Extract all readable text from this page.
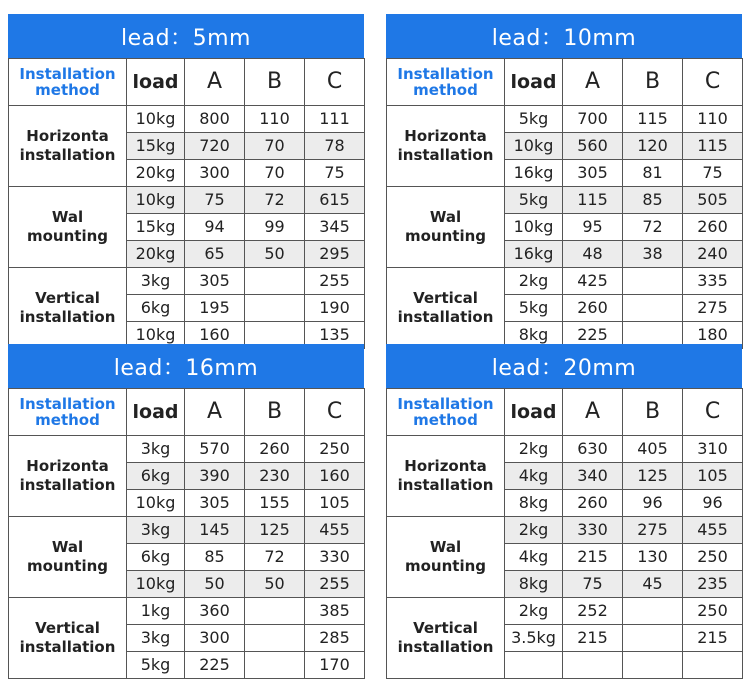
lead：5mm
Installation method	load	A	B	C
Horizonta installation	10kg	800	110	111
	15kg	720	70	78
	20kg	300	70	75
Wal mounting	10kg	75	72	615
	15kg	94	99	345
	20kg	65	50	295
Vertical installation	3kg	305		255
	6kg	195		190
	10kg	160		135
lead：10mm
Installation method	load	A	B	C
Horizonta installation	5kg	700	115	110
	10kg	560	120	115
	16kg	305	81	75
Wal mounting	5kg	115	85	505
	10kg	95	72	260
	16kg	48	38	240
Vertical installation	2kg	425		335
	5kg	260		275
	8kg	225		180
lead：16mm
Installation method	load	A	B	C
Horizonta installation	3kg	570	260	250
	6kg	390	230	160
	10kg	305	155	105
Wal mounting	3kg	145	125	455
	6kg	85	72	330
	10kg	50	50	255
Vertical installation	1kg	360		385
	3kg	300		285
	5kg	225		170
lead：20mm
Installation method	load	A	B	C
Horizonta installation	2kg	630	405	310
	4kg	340	125	105
	8kg	260	96	96
Wal mounting	2kg	330	275	455
	4kg	215	130	250
	8kg	75	45	235
Vertical installation	2kg	252		250
	3.5kg	215		215
